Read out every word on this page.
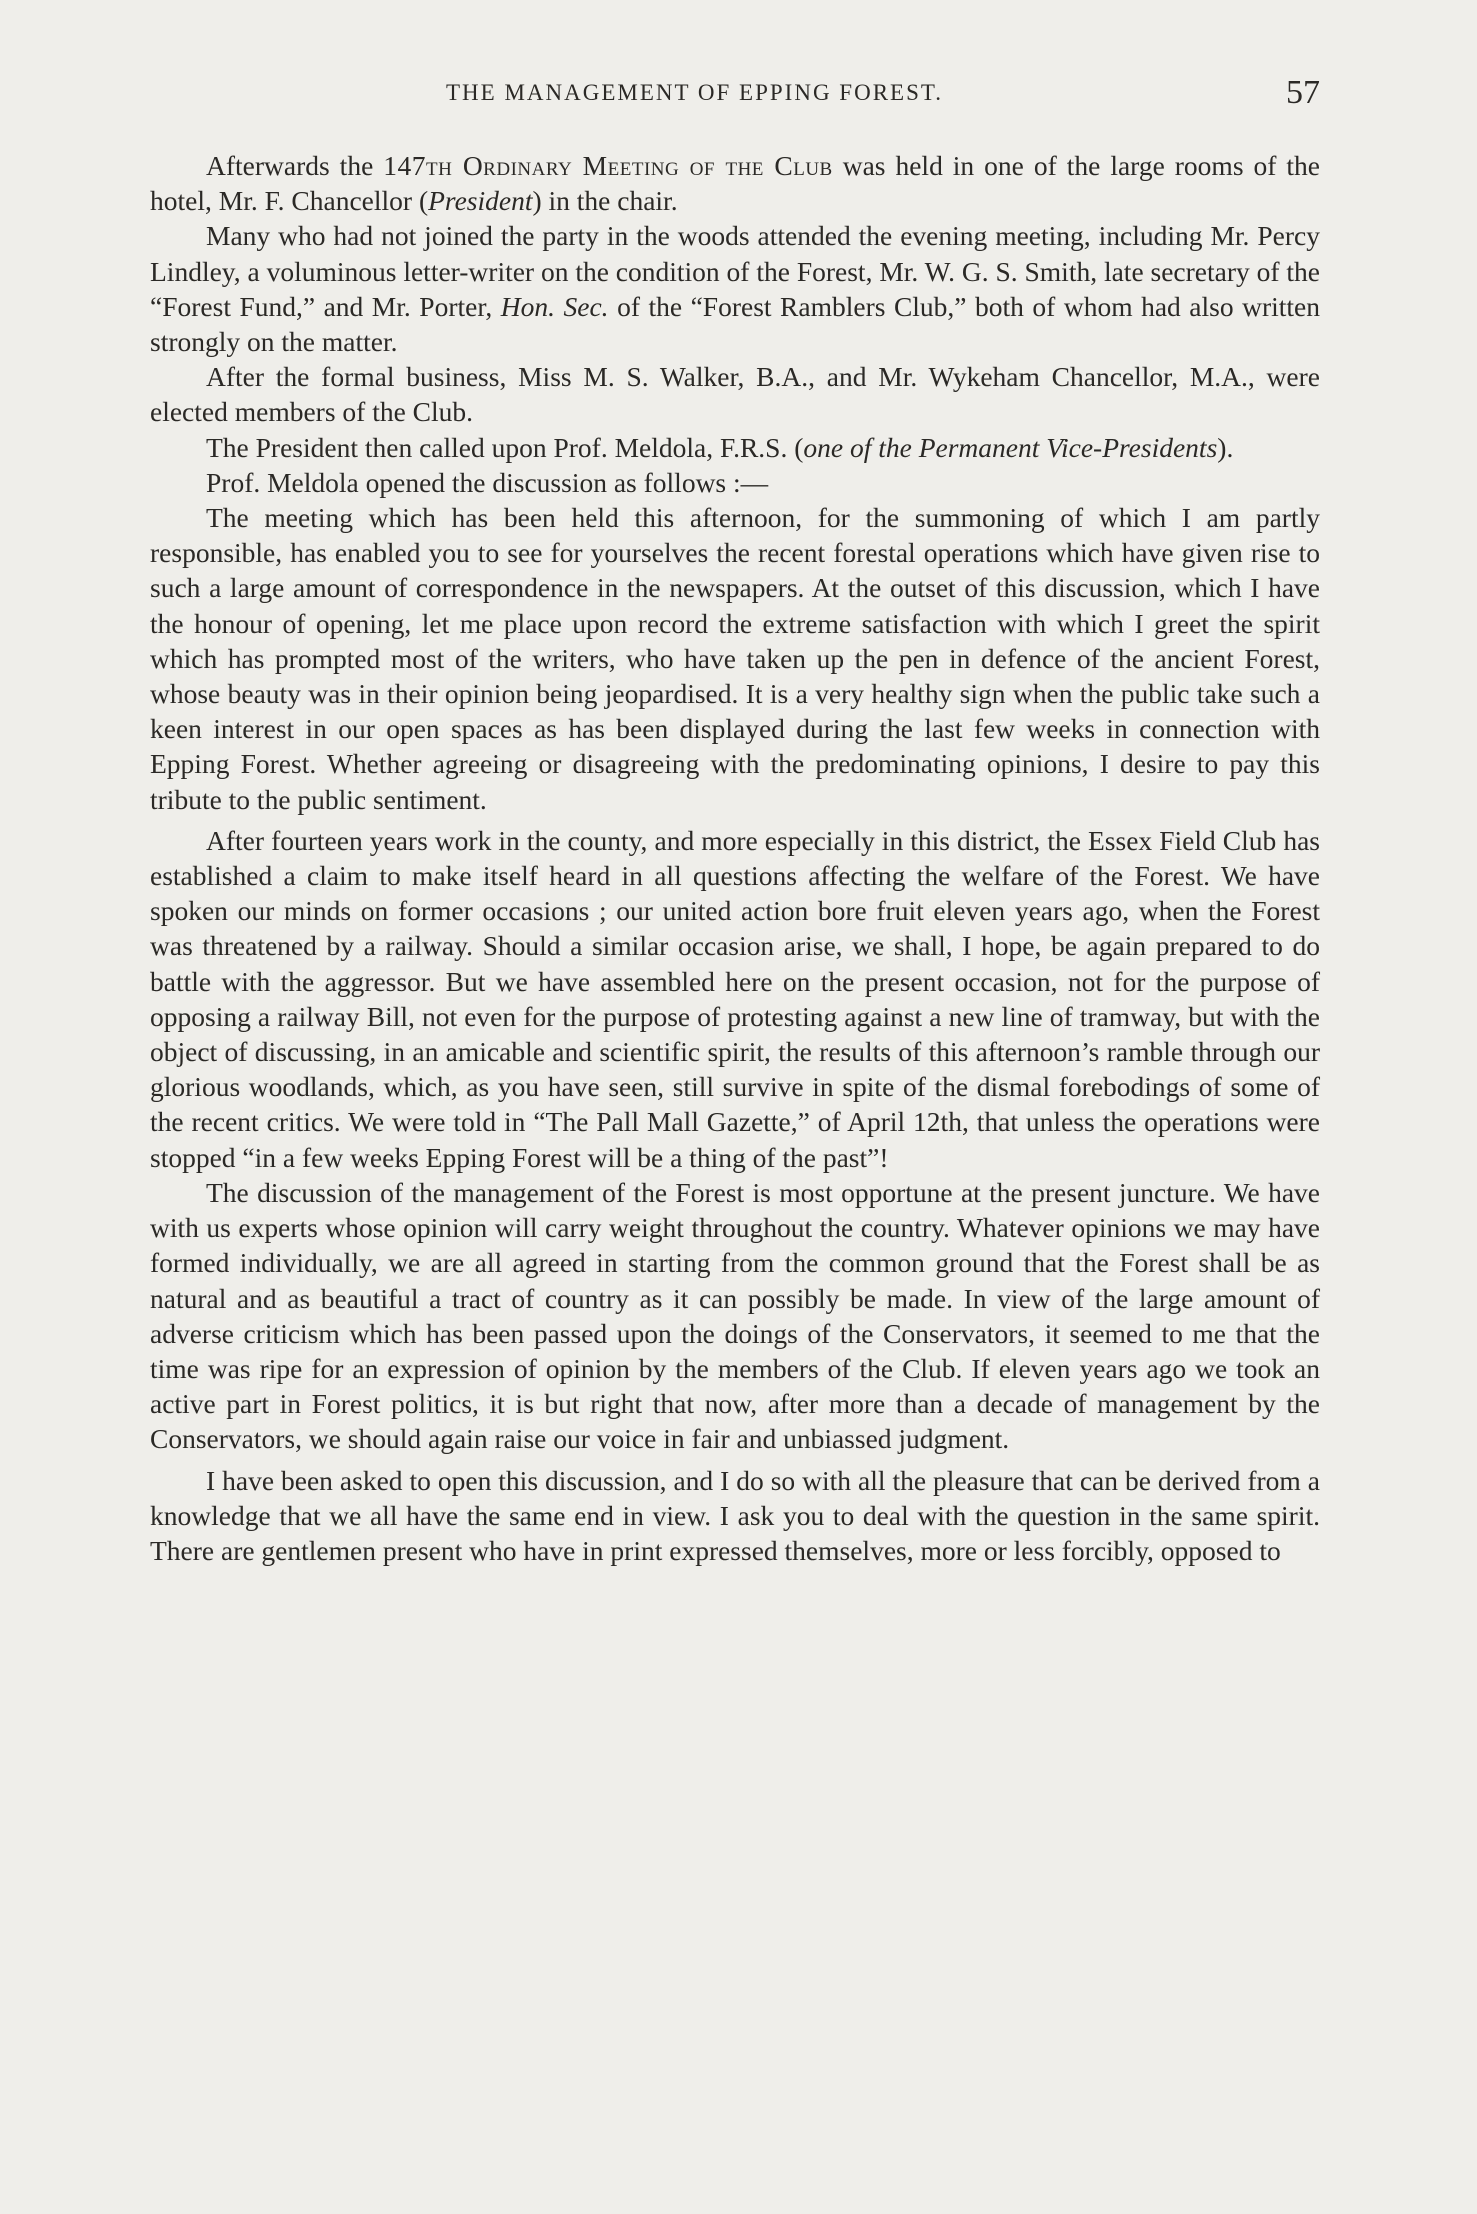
THE MANAGEMENT OF EPPING FOREST.	57

Afterwards the 147th Ordinary Meeting of the Club was held in one of the large rooms of the hotel, Mr. F. Chancellor (President) in the chair.

Many who had not joined the party in the woods attended the evening meeting, including Mr. Percy Lindley, a voluminous letter-writer on the condition of the Forest, Mr. W. G. S. Smith, late secretary of the “Forest Fund,” and Mr. Porter, Hon. Sec. of the “Forest Ramblers Club,” both of whom had also written strongly on the matter.

After the formal business, Miss M. S. Walker, B.A., and Mr. Wykeham Chancellor, M.A., were elected members of the Club.

The President then called upon Prof. Meldola, F.R.S. (one of the Permanent Vice-Presidents).

Prof. Meldola opened the discussion as follows :—

The meeting which has been held this afternoon, for the summoning of which I am partly responsible, has enabled you to see for yourselves the recent forestal operations which have given rise to such a large amount of correspondence in the newspapers. At the outset of this discussion, which I have the honour of opening, let me place upon record the extreme satisfaction with which I greet the spirit which has prompted most of the writers, who have taken up the pen in defence of the ancient Forest, whose beauty was in their opinion being jeopardised. It is a very healthy sign when the public take such a keen interest in our open spaces as has been displayed during the last few weeks in connection with Epping Forest. Whether agreeing or disagreeing with the predominating opinions, I desire to pay this tribute to the public sentiment.

After fourteen years work in the county, and more especially in this district, the Essex Field Club has established a claim to make itself heard in all questions affecting the welfare of the Forest. We have spoken our minds on former occasions ; our united action bore fruit eleven years ago, when the Forest was threatened by a railway. Should a similar occasion arise, we shall, I hope, be again prepared to do battle with the aggressor. But we have assembled here on the present occasion, not for the purpose of opposing a railway Bill, not even for the purpose of protesting against a new line of tramway, but with the object of discussing, in an amicable and scientific spirit, the results of this afternoon’s ramble through our glorious woodlands, which, as you have seen, still survive in spite of the dismal forebodings of some of the recent critics. We were told in “The Pall Mall Gazette,” of April 12th, that unless the operations were stopped “in a few weeks Epping Forest will be a thing of the past”!

The discussion of the management of the Forest is most opportune at the present juncture. We have with us experts whose opinion will carry weight throughout the country. Whatever opinions we may have formed individually, we are all agreed in starting from the common ground that the Forest shall be as natural and as beautiful a tract of country as it can possibly be made. In view of the large amount of adverse criticism which has been passed upon the doings of the Conservators, it seemed to me that the time was ripe for an expression of opinion by the members of the Club. If eleven years ago we took an active part in Forest politics, it is but right that now, after more than a decade of management by the Conservators, we should again raise our voice in fair and unbiassed judgment.

I have been asked to open this discussion, and I do so with all the pleasure that can be derived from a knowledge that we all have the same end in view. I ask you to deal with the question in the same spirit. There are gentlemen present who have in print expressed themselves, more or less forcibly, opposed to
